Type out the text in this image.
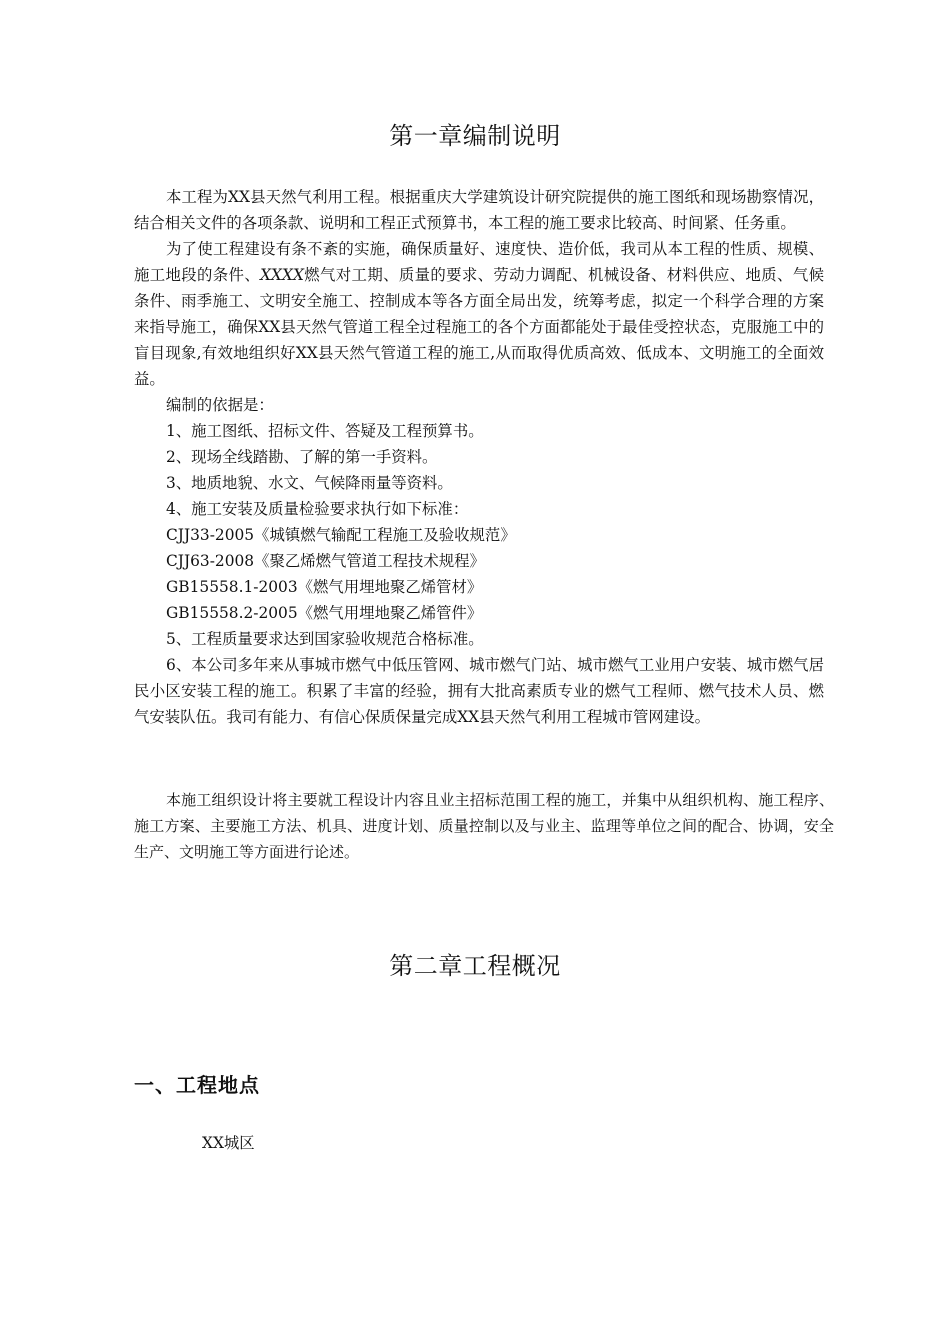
第一章编制说明

本工程为XX县天然气利用工程。根据重庆大学建筑设计研究院提供的施工图纸和现场勘察情况，结合相关文件的各项条款、说明和工程正式预算书，本工程的施工要求比较高、时间紧、任务重。

为了使工程建设有条不紊的实施，确保质量好、速度快、造价低，我司从本工程的性质、规模、施工地段的条件、XXXX燃气对工期、质量的要求、劳动力调配、机械设备、材料供应、地质、气候条件、雨季施工、文明安全施工、控制成本等各方面全局出发，统筹考虑，拟定一个科学合理的方案来指导施工，确保XX县天然气管道工程全过程施工的各个方面都能处于最佳受控状态，克服施工中的盲目现象,有效地组织好XX县天然气管道工程的施工,从而取得优质高效、低成本、文明施工的全面效益。

编制的依据是：

1、施工图纸、招标文件、答疑及工程预算书。

2、现场全线踏勘、了解的第一手资料。

3、地质地貌、水文、气候降雨量等资料。

4、施工安装及质量检验要求执行如下标准：

CJJ33-2005《城镇燃气输配工程施工及验收规范》

CJJ63-2008《聚乙烯燃气管道工程技术规程》

GB15558.1-2003《燃气用埋地聚乙烯管材》

GB15558.2-2005《燃气用埋地聚乙烯管件》

5、工程质量要求达到国家验收规范合格标准。

6、本公司多年来从事城市燃气中低压管网、城市燃气门站、城市燃气工业用户安装、城市燃气居民小区安装工程的施工。积累了丰富的经验，拥有大批高素质专业的燃气工程师、燃气技术人员、燃气安装队伍。我司有能力、有信心保质保量完成XX县天然气利用工程城市管网建设。

本施工组织设计将主要就工程设计内容且业主招标范围工程的施工，并集中从组织机构、施工程序、施工方案、主要施工方法、机具、进度计划、质量控制以及与业主、监理等单位之间的配合、协调，安全生产、文明施工等方面进行论述。

第二章工程概况
一、工程地点

XX城区
